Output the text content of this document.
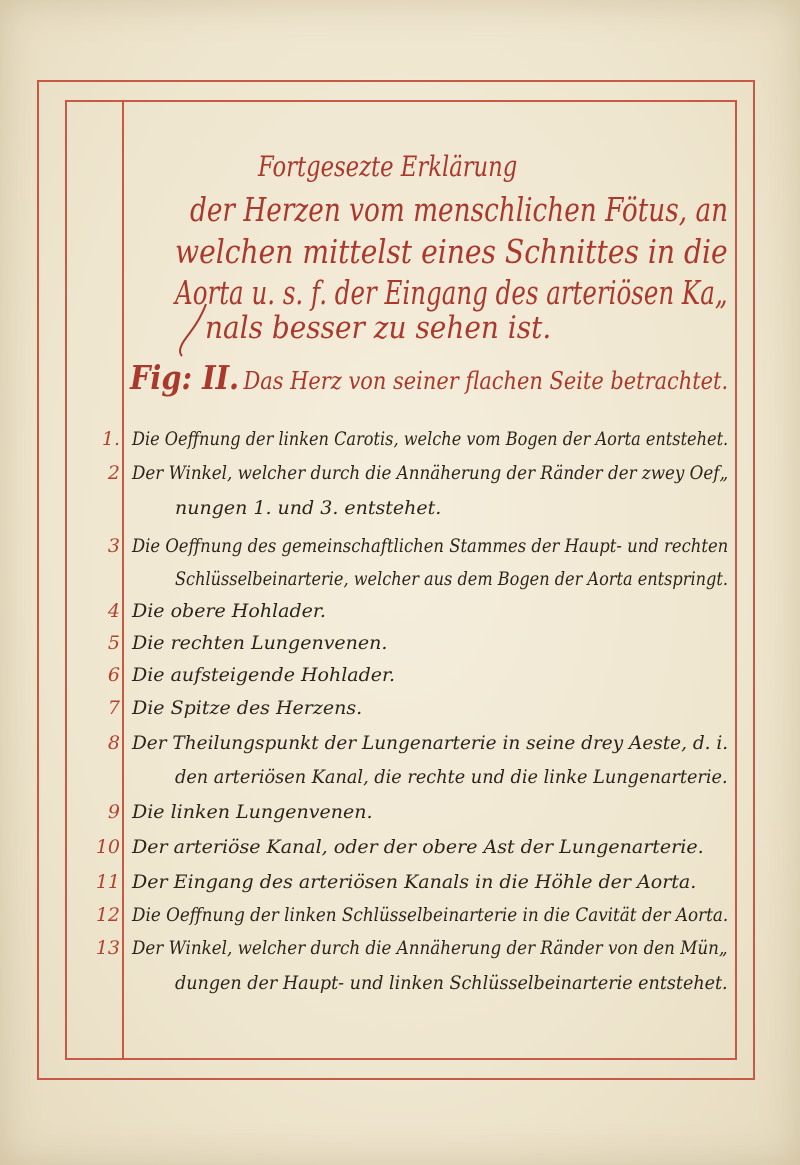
Fortgesezte Erklärung
der Herzen vom menschlichen Fötus, an
welchen mittelst eines Schnittes in die
Aorta u. s. f. der Eingang des arteriösen Ka„
nals besser zu sehen ist.
Fig: II. Das Herz von seiner flachen Seite betrachtet.
1. Die Oeffnung der linken Carotis, welche vom Bogen der Aorta entstehet.
2 Der Winkel, welcher durch die Annäherung der Ränder der zwey Oef„
nungen 1. und 3. entstehet.
3 Die Oeffnung des gemeinschaftlichen Stammes der Haupt- und rechten
Schlüsselbeinarterie, welcher aus dem Bogen der Aorta entspringt.
4 Die obere Hohlader.
5 Die rechten Lungenvenen.
6 Die aufsteigende Hohlader.
7 Die Spitze des Herzens.
8 Der Theilungspunkt der Lungenarterie in seine drey Aeste, d. i.
den arteriösen Kanal, die rechte und die linke Lungenarterie.
9 Die linken Lungenvenen.
10 Der arteriöse Kanal, oder der obere Ast der Lungenarterie.
11 Der Eingang des arteriösen Kanals in die Höhle der Aorta.
12 Die Oeffnung der linken Schlüsselbeinarterie in die Cavität der Aorta.
13 Der Winkel, welcher durch die Annäherung der Ränder von den Mün„
dungen der Haupt- und linken Schlüsselbeinarterie entstehet.
